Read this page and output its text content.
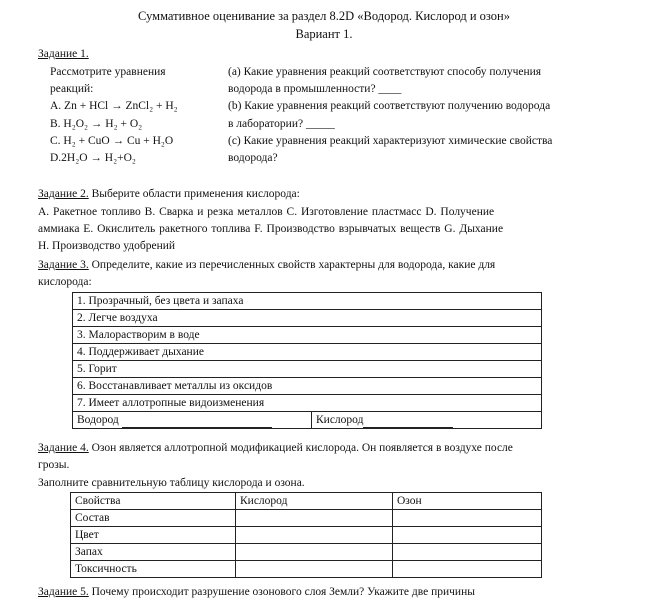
Суммативное оценивание за раздел 8.2D «Водород. Кислород и озон»
Вариант 1.
Задание 1.
Рассмотрите уравнения
реакций:
A. Zn + HCl → ZnCl₂ + H₂
B. H₂O₂ → H₂ + O₂
C. H₂ + CuO → Cu + H₂O
D.2H₂O → H₂+O₂
(a) Какие уравнения реакций соответствуют способу получения
водорода в промышленности? ____
(b) Какие уравнения реакций соответствуют получению водорода
в лаборатории? _____
(c) Какие уравнения реакций характеризуют химические свойства
водорода?
Задание 2. Выберите области применения кислорода:
A. Ракетное топливо B. Сварка и резка металлов C. Изготовление пластмасс D. Получение
аммиака E. Окислитель ракетного топлива F. Производство взрывчатых веществ G. Дыхание
H. Производство удобрений
Задание 3. Определите, какие из перечисленных свойств характерны для водорода, какие для
кислорода:
1. Прозрачный, без цвета и запаха
2. Легче воздуха
3. Малорастворим в воде
4. Поддерживает дыхание
5. Горит
6. Восстанавливает металлы из оксидов
7. Имеет аллотропные видоизменения
Водород	Кислород
Задание 4. Озон является аллотропной модификацией кислорода. Он появляется в воздухе после
грозы.
Заполните сравнительную таблицу кислорода и озона.
Свойства	Кислород	Озон
Состав		
Цвет		
Запах		
Токсичность		
Задание 5. Почему происходит разрушение озонового слоя Земли? Укажите две причины
